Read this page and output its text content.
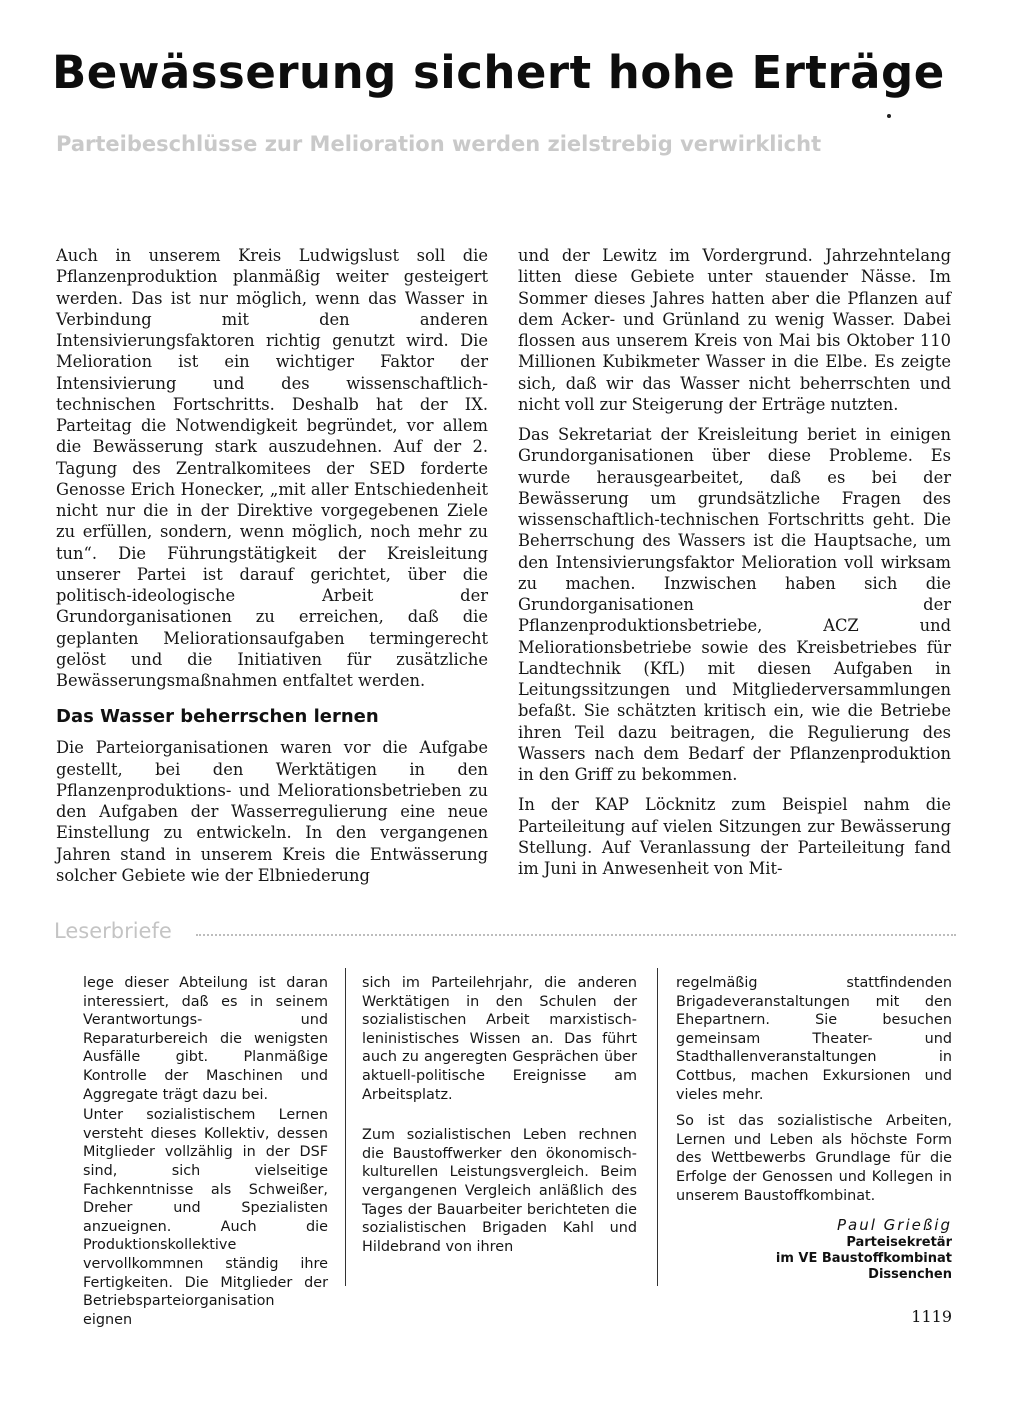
Bewässerung sichert hohe Erträge
Parteibeschlüsse zur Melioration werden zielstrebig verwirklicht

Auch in unserem Kreis Ludwigslust soll die Pflanzenproduktion planmäßig weiter gesteigert werden. Das ist nur möglich, wenn das Wasser in Verbindung mit den anderen Intensivierungsfaktoren richtig genutzt wird. Die Melioration ist ein wichtiger Faktor der Intensivierung und des wissenschaftlich-technischen Fortschritts. Deshalb hat der IX. Parteitag die Notwendigkeit begründet, vor allem die Bewässerung stark auszudehnen. Auf der 2. Tagung des Zentralkomitees der SED forderte Genosse Erich Honecker, „mit aller Entschiedenheit nicht nur die in der Direktive vorgegebenen Ziele zu erfüllen, sondern, wenn möglich, noch mehr zu tun“. Die Führungstätigkeit der Kreisleitung unserer Partei ist darauf gerichtet, über die politisch-ideologische Arbeit der Grundorganisationen zu erreichen, daß die geplanten Meliorationsaufgaben termingerecht gelöst und die Initiativen für zusätzliche Bewässerungsmaßnahmen entfaltet werden.

Das Wasser beherrschen lernen

Die Parteiorganisationen waren vor die Aufgabe gestellt, bei den Werktätigen in den Pflanzenproduktions- und Meliorationsbetrieben zu den Aufgaben der Wasserregulierung eine neue Einstellung zu entwickeln. In den vergangenen Jahren stand in unserem Kreis die Entwässerung solcher Gebiete wie der Elbniederung

und der Lewitz im Vordergrund. Jahrzehntelang litten diese Gebiete unter stauender Nässe. Im Sommer dieses Jahres hatten aber die Pflanzen auf dem Acker- und Grünland zu wenig Wasser. Dabei flossen aus unserem Kreis von Mai bis Oktober 110 Millionen Kubikmeter Wasser in die Elbe. Es zeigte sich, daß wir das Wasser nicht beherrschten und nicht voll zur Steigerung der Erträge nutzten.

Das Sekretariat der Kreisleitung beriet in einigen Grundorganisationen über diese Probleme. Es wurde herausgearbeitet, daß es bei der Bewässerung um grundsätzliche Fragen des wissenschaftlich-technischen Fortschritts geht. Die Beherrschung des Wassers ist die Hauptsache, um den Intensivierungsfaktor Melioration voll wirksam zu machen. Inzwischen haben sich die Grundorganisationen der Pflanzenproduktionsbetriebe, ACZ und Meliorationsbetriebe sowie des Kreisbetriebes für Landtechnik (KfL) mit diesen Aufgaben in Leitungssitzungen und Mitgliederversammlungen befaßt. Sie schätzten kritisch ein, wie die Betriebe ihren Teil dazu beitragen, die Regulierung des Wassers nach dem Bedarf der Pflanzenproduktion in den Griff zu bekommen.

In der KAP Löcknitz zum Beispiel nahm die Parteileitung auf vielen Sitzungen zur Bewässerung Stellung. Auf Veranlassung der Parteileitung fand im Juni in Anwesenheit von Mit-

Leserbriefe

lege dieser Abteilung ist daran interessiert, daß es in seinem Verantwortungs- und Reparaturbereich die wenigsten Ausfälle gibt. Planmäßige Kontrolle der Maschinen und Aggregate trägt dazu bei.

Unter sozialistischem Lernen versteht dieses Kollektiv, dessen Mitglieder vollzählig in der DSF sind, sich vielseitige Fachkenntnisse als Schweißer, Dreher und Spezialisten anzueignen. Auch die Produktionskollektive vervollkommnen ständig ihre Fertigkeiten. Die Mitglieder der Betriebsparteiorganisation eignen

sich im Parteilehrjahr, die anderen Werktätigen in den Schulen der sozialistischen Arbeit marxistisch-leninistisches Wissen an. Das führt auch zu angeregten Gesprächen über aktuell-politische Ereignisse am Arbeitsplatz.

Zum sozialistischen Leben rechnen die Baustoffwerker den ökonomisch-kulturellen Leistungsvergleich. Beim vergangenen Vergleich anläßlich des Tages der Bauarbeiter berichteten die sozialistischen Brigaden Kahl und Hildebrand von ihren

regelmäßig stattfindenden Brigadeveranstaltungen mit den Ehepartnern. Sie besuchen gemeinsam Theater- und Stadthallenveranstaltungen in Cottbus, machen Exkursionen und vieles mehr.

So ist das sozialistische Arbeiten, Lernen und Leben als höchste Form des Wettbewerbs Grundlage für die Erfolge der Genossen und Kollegen in unserem Baustoffkombinat.

Paul Grießig
Parteisekretär
im VE Baustoffkombinat
Dissenchen
1119
